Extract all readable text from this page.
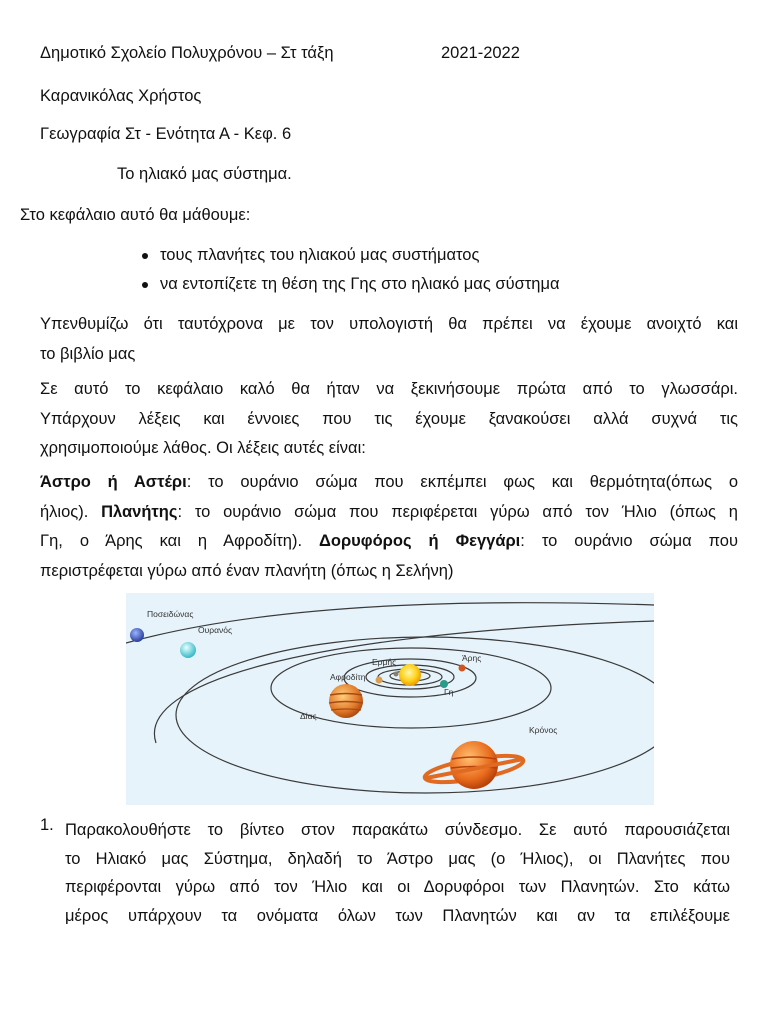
Δημοτικό Σχολείο Πολυχρόνου – Στ τάξη	2021-2022
Καρανικόλας Χρήστος
Γεωγραφία Στ - Ενότητα Α - Κεφ. 6
Το ηλιακό μας σύστημα.
Στο κεφάλαιο αυτό θα μάθουμε:
τους πλανήτες του ηλιακού μας συστήματος
να εντοπίζετε τη θέση της Γης στο ηλιακό μας σύστημα
Υπενθυμίζω ότι ταυτόχρονα με τον υπολογιστή θα πρέπει να έχουμε ανοιχτό και
το βιβλίο μας
Σε αυτό το κεφάλαιο καλό θα ήταν να ξεκινήσουμε πρώτα από το γλωσσάρι.
Υπάρχουν λέξεις και έννοιες που τις έχουμε ξανακούσει αλλά συχνά τις
χρησιμοποιούμε λάθος. Οι λέξεις αυτές είναι:
Άστρο ή Αστέρι: το ουράνιο σώμα που εκπέμπει φως και θερμότητα(όπως ο
ήλιος). Πλανήτης: το ουράνιο σώμα που περιφέρεται γύρω από τον Ήλιο (όπως η
Γη, ο Άρης και η Αφροδίτη). Δορυφόρος ή Φεγγάρι: το ουράνιο σώμα που
περιστρέφεται γύρω από έναν πλανήτη (όπως η Σελήνη)
Ποσειδώνας
Ουρανός
Ερμής	Άρης
Αφροδίτη
Γη
Δίας
Κρόνος
1. Παρακολουθήστε το βίντεο στον παρακάτω σύνδεσμο. Σε αυτό παρουσιάζεται
το Ηλιακό μας Σύστημα, δηλαδή το Άστρο μας (ο Ήλιος), οι Πλανήτες που
περιφέρονται γύρω από τον Ήλιο και οι Δορυφόροι των Πλανητών. Στο κάτω
μέρος υπάρχουν τα ονόματα όλων των Πλανητών και αν τα επιλέξουμε
